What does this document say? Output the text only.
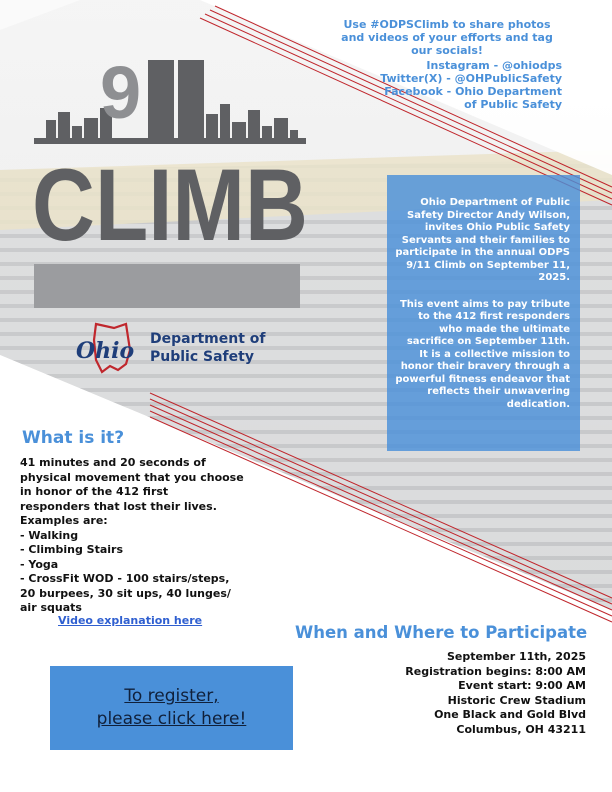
9
CLIMB
Use #ODPSClimb to share photos and videos of your efforts and tag our socials!
Instagram - @ohiodps
Twitter(X) - @OHPublicSafety
Facebook - Ohio Department
of Public Safety

Ohio Department of Public Safety Director Andy Wilson, invites Ohio Public Safety Servants and their families to participate in the annual ODPS 9/11 Climb on September 11, 2025.

This event aims to pay tribute to the 412 first responders who made the ultimate sacrifice on September 11th. It is a collective mission to honor their bravery through a powerful fitness endeavor that reflects their unwavering dedication.

Ohio Department of
Public Safety
What is it?
41 minutes and 20 seconds of
physical movement that you choose
in honor of the 412 first
responders that lost their lives.
Examples are:
- Walking
- Climbing Stairs
- Yoga
- CrossFit WOD - 100 stairs/steps,
20 burpees, 30 sit ups, 40 lunges/
air squats
Video explanation here
When and Where to Participate
September 11th, 2025
Registration begins: 8:00 AM
Event start: 9:00 AM
Historic Crew Stadium
One Black and Gold Blvd
Columbus, OH 43211
To register,
please click here!
